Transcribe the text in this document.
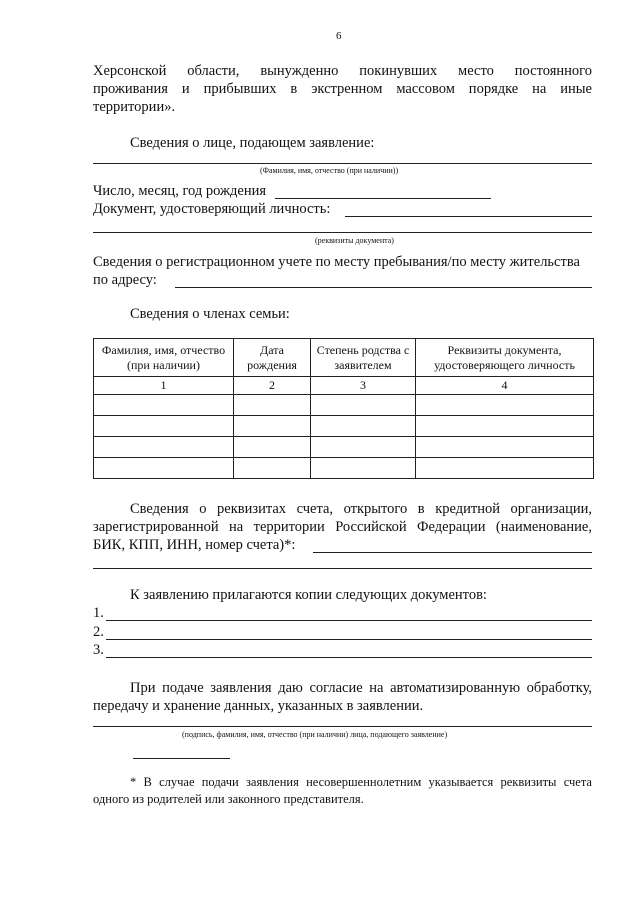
6
Херсонской области, вынужденно покинувших место постоянного
проживания и прибывших в экстренном массовом порядке на иные
территории».
Сведения о лице, подающем заявление:
(Фамилия, имя, отчество (при наличии))
Число, месяц, год рождения
Документ, удостоверяющий личность:
(реквизиты документа)
Сведения о регистрационном учете по месту пребывания/по месту жительства
по адресу:
Сведения о членах семьи:
Фамилия, имя, отчество (при наличии)	Дата рождения	Степень родства с заявителем	Реквизиты документа, удостоверяющего личность
1	2	3	4

Сведения о реквизитах счета, открытого в кредитной организации,
зарегистрированной на территории Российской Федерации (наименование,
БИК, КПП, ИНН, номер счета)*:
К заявлению прилагаются копии следующих документов:
1.
2.
3.
При подаче заявления даю согласие на автоматизированную обработку,
передачу и хранение данных, указанных в заявлении.
(подпись, фамилия, имя, отчество (при наличии) лица, подающего заявление)
* В случае подачи заявления несовершеннолетним указывается реквизиты счета
одного из родителей или законного представителя.
